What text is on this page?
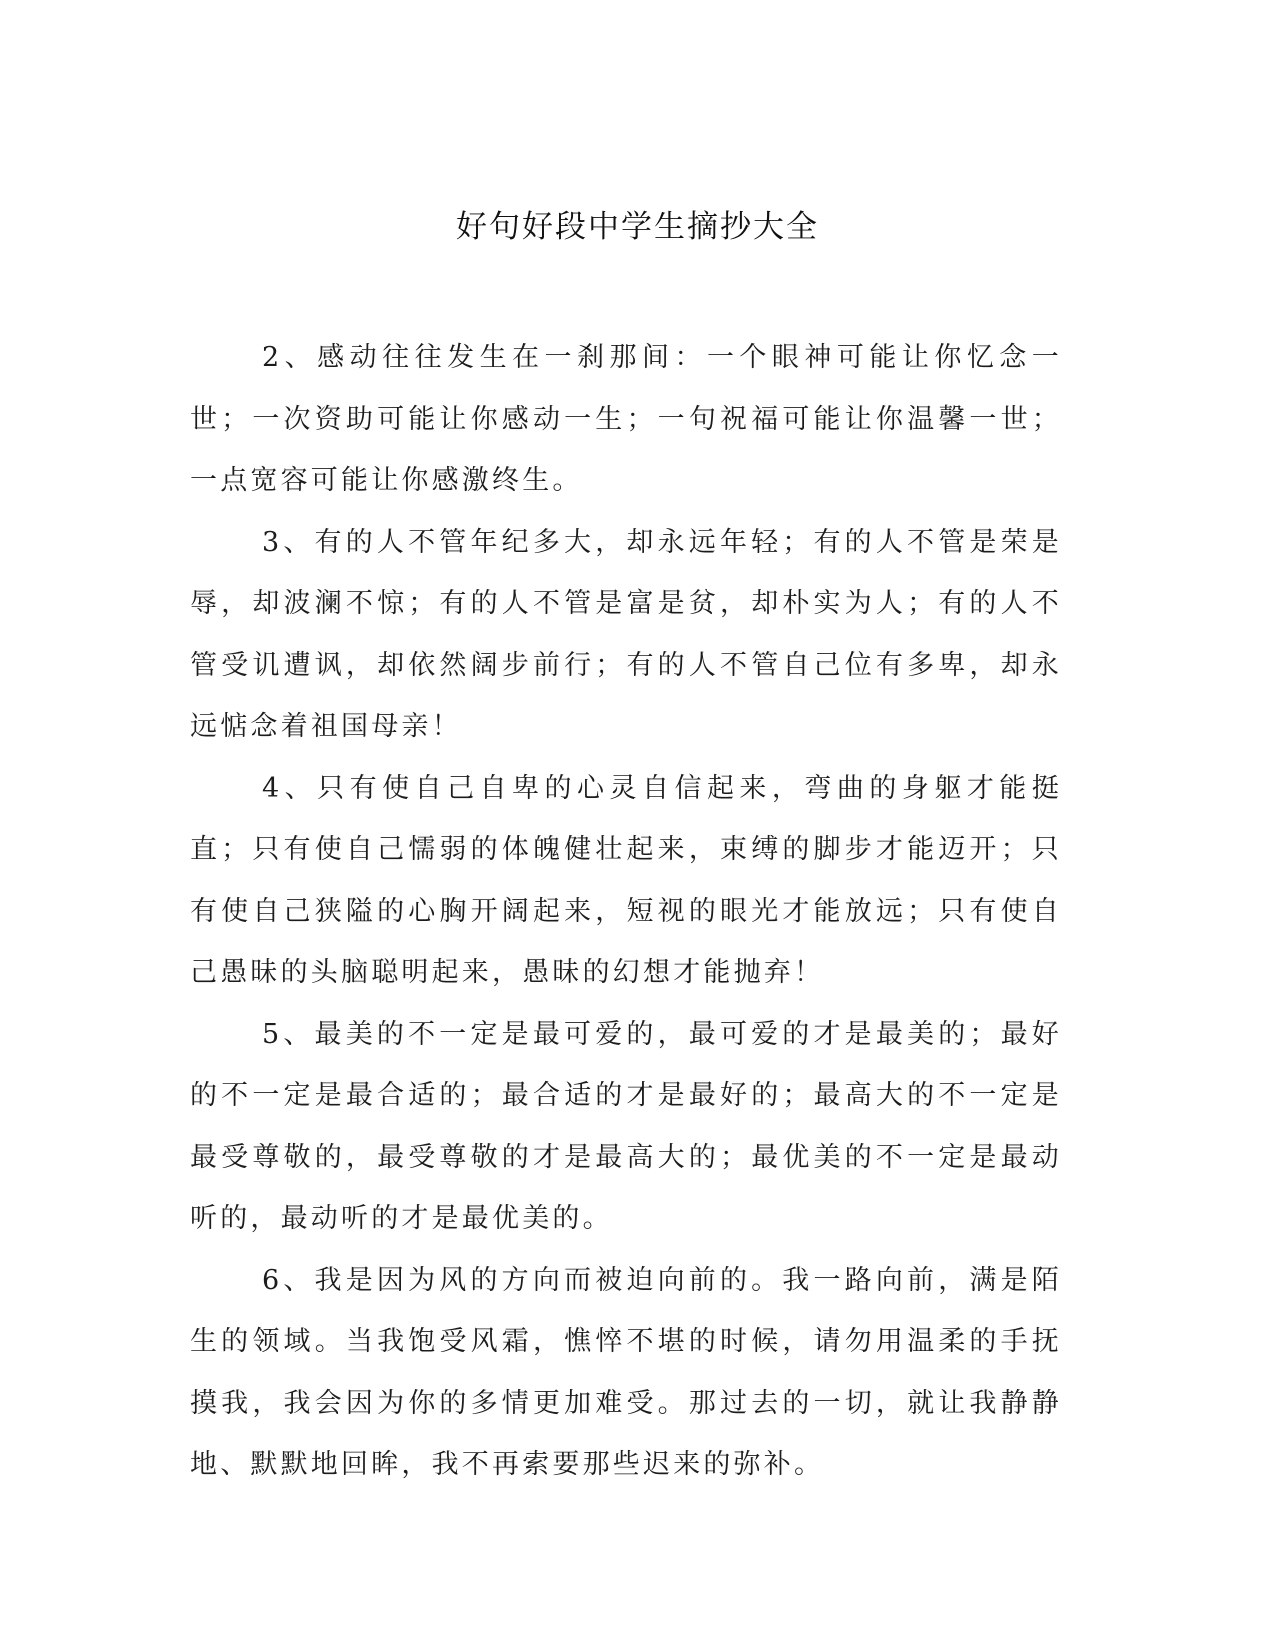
好句好段中学生摘抄大全

2、感动往往发生在一刹那间：一个眼神可能让你忆念一世；一次资助可能让你感动一生；一句祝福可能让你温馨一世；一点宽容可能让你感激终生。

3、有的人不管年纪多大，却永远年轻；有的人不管是荣是辱，却波澜不惊；有的人不管是富是贫，却朴实为人；有的人不管受讥遭讽，却依然阔步前行；有的人不管自己位有多卑，却永远惦念着祖国母亲！

4、只有使自己自卑的心灵自信起来，弯曲的身躯才能挺直；只有使自己懦弱的体魄健壮起来，束缚的脚步才能迈开；只有使自己狭隘的心胸开阔起来，短视的眼光才能放远；只有使自己愚昧的头脑聪明起来，愚昧的幻想才能抛弃！

5、最美的不一定是最可爱的，最可爱的才是最美的；最好的不一定是最合适的；最合适的才是最好的；最高大的不一定是最受尊敬的，最受尊敬的才是最高大的；最优美的不一定是最动听的，最动听的才是最优美的。

6、我是因为风的方向而被迫向前的。我一路向前，满是陌生的领域。当我饱受风霜，憔悴不堪的时候，请勿用温柔的手抚摸我，我会因为你的多情更加难受。那过去的一切，就让我静静地、默默地回眸，我不再索要那些迟来的弥补。
